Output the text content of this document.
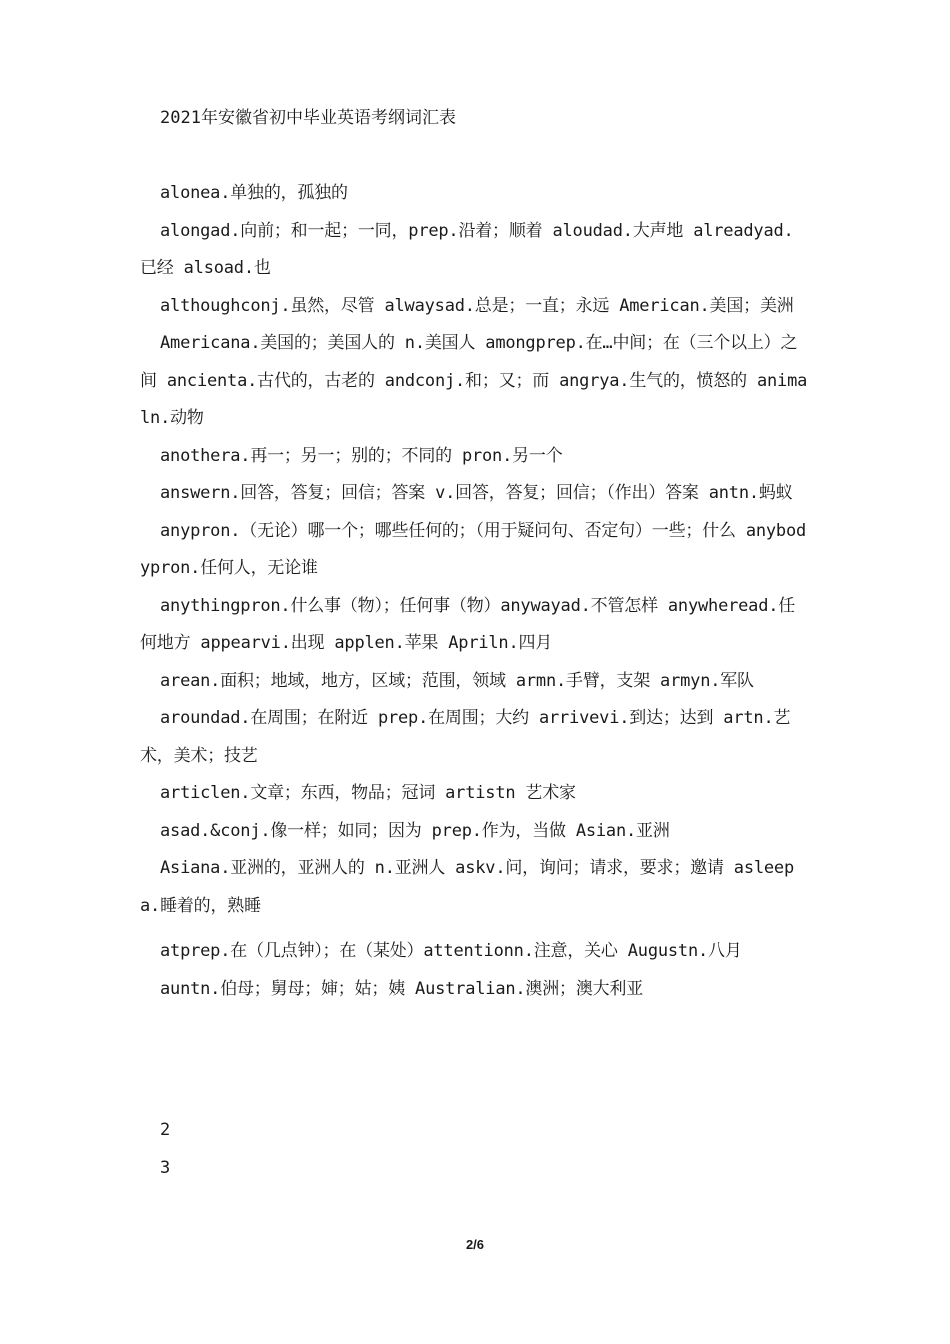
2021年安徽省初中毕业英语考纲词汇表

alonea.单独的，孤独的

alongad.向前；和一起；一同，prep.沿着；顺着 aloudad.大声地 alreadyad.已经 alsoad.也

althoughconj.虽然，尽管 alwaysad.总是；一直；永远 American.美国；美洲

Americana.美国的；美国人的 n.美国人 amongprep.在…中间；在（三个以上）之间 ancienta.古代的，古老的 andconj.和；又；而 angrya.生气的，愤怒的 animaln.动物

anothera.再一；另一；别的；不同的 pron.另一个

answern.回答，答复；回信；答案 v.回答，答复；回信；（作出）答案 antn.蚂蚁

anypron.（无论）哪一个；哪些任何的；（用于疑问句、否定句）一些；什么 anybodypron.任何人，无论谁

anythingpron.什么事（物）；任何事（物）anywayad.不管怎样 anywheread.任何地方 appearvi.出现 applen.苹果 Apriln.四月

arean.面积；地域，地方，区域；范围，领域 armn.手臂，支架 armyn.军队

aroundad.在周围；在附近 prep.在周围；大约 arrivevi.到达；达到 artn.艺术，美术；技艺

articlen.文章；东西，物品；冠词 artistn 艺术家

asad.&conj.像一样；如同；因为 prep.作为，当做 Asian.亚洲

Asiana.亚洲的，亚洲人的 n.亚洲人 askv.问，询问；请求，要求；邀请 asleepa.睡着的，熟睡

atprep.在（几点钟）；在（某处）attentionn.注意，关心 Augustn.八月

auntn.伯母；舅母；婶；姑；姨 Australian.澳洲；澳大利亚

2
3
2/6
